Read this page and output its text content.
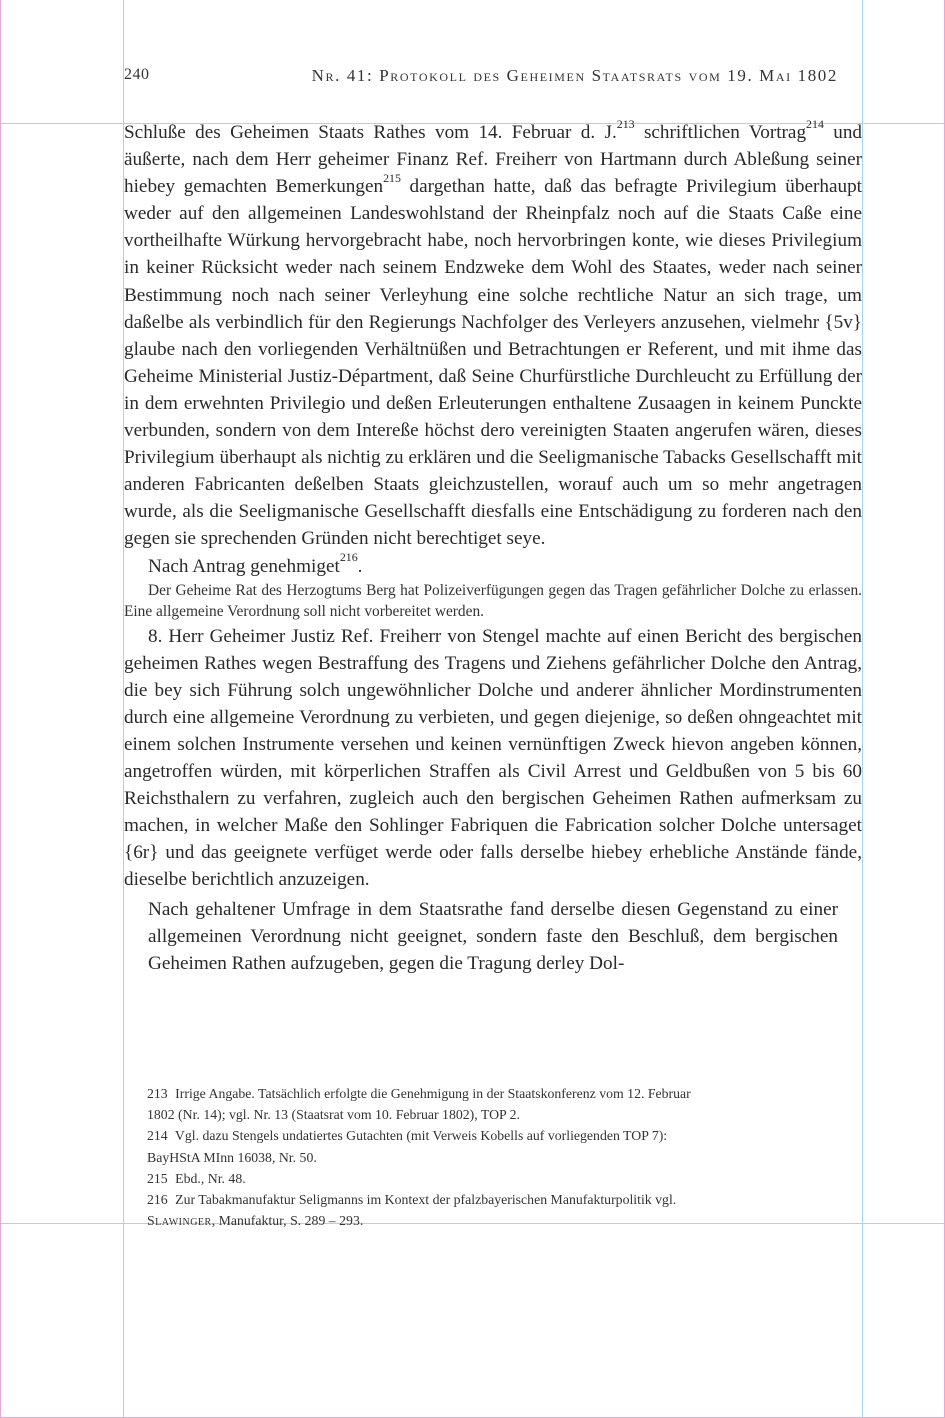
240	Nr. 41: Protokoll des Geheimen Staatsrats vom 19. Mai 1802

Schluße des Geheimen Staats Rathes vom 14. Februar d. J.$^{213}$ schriftlichen Vortrag$^{214}$ und äußerte, nach dem Herr geheimer Finanz Ref. Freiherr von Hartmann durch Ableßung seiner hiebey gemachten Bemerkungen$^{215}$ dargethan hatte, daß das befragte Privilegium überhaupt weder auf den allgemeinen Landeswohlstand der Rheinpfalz noch auf die Staats Caße eine vortheilhafte Würkung hervorgebracht habe, noch hervorbringen konte, wie dieses Privilegium in keiner Rücksicht weder nach seinem Endzweke dem Wohl des Staates, weder nach seiner Bestimmung noch nach seiner Verleyhung eine solche rechtliche Natur an sich trage, um daßelbe als verbindlich für den Regierungs Nachfolger des Verleyers anzusehen, vielmehr {5v} glaube nach den vorliegenden Verhältnüßen und Betrachtungen er Referent, und mit ihme das Geheime Ministerial Justiz-Départment, daß Seine Churfürstliche Durchleucht zu Erfüllung der in dem erwehnten Privilegio und deßen Erleuterungen enthaltene Zusaagen in keinem Punckte verbunden, sondern von dem Intereße höchst dero vereinigten Staaten angerufen wären, dieses Privilegium überhaupt als nichtig zu erklären und die Seeligmanische Tabacks Gesellschafft mit anderen Fabricanten deßelben Staats gleichzustellen, worauf auch um so mehr angetragen wurde, als die Seeligmanische Gesellschafft diesfalls eine Entschädigung zu forderen nach den gegen sie sprechenden Gründen nicht berechtiget seye.

Nach Antrag genehmiget$^{216}$.

Der Geheime Rat des Herzogtums Berg hat Polizeiverfügungen gegen das Tragen gefährlicher Dolche zu erlassen. Eine allgemeine Verordnung soll nicht vorbereitet werden.

8. Herr Geheimer Justiz Ref. Freiherr von Stengel machte auf einen Bericht des bergischen geheimen Rathes wegen Bestraffung des Tragens und Ziehens gefährlicher Dolche den Antrag, die bey sich Führung solch ungewöhnlicher Dolche und anderer ähnlicher Mordinstrumenten durch eine allgemeine Verordnung zu verbieten, und gegen diejenige, so deßen ohngeachtet mit einem solchen Instrumente versehen und keinen vernünftigen Zweck hievon angeben können, angetroffen würden, mit körperlichen Straffen als Civil Arrest und Geldbußen von 5 bis 60 Reichsthalern zu verfahren, zugleich auch den bergischen Geheimen Rathen aufmerksam zu machen, in welcher Maße den Sohlinger Fabriquen die Fabrication solcher Dolche untersaget {6r} und das geeignete verfüget werde oder falls derselbe hiebey erhebliche Anstände fände, dieselbe berichtlich anzuzeigen.

Nach gehaltener Umfrage in dem Staatsrathe fand derselbe diesen Gegenstand zu einer allgemeinen Verordnung nicht geeignet, sondern faste den Beschluß, dem bergischen Geheimen Rathen aufzugeben, gegen die Tragung derley Dol-

213 Irrige Angabe. Tatsächlich erfolgte die Genehmigung in der Staatskonferenz vom 12. Februar 1802 (Nr. 14); vgl. Nr. 13 (Staatsrat vom 10. Februar 1802), TOP 2.

214 Vgl. dazu Stengels undatiertes Gutachten (mit Verweis Kobells auf vorliegenden TOP 7): BayHStA MInn 16038, Nr. 50.

215 Ebd., Nr. 48.

216 Zur Tabakmanufaktur Seligmanns im Kontext der pfalzbayerischen Manufakturpolitik vgl. Slawinger, Manufaktur, S. 289 – 293.
